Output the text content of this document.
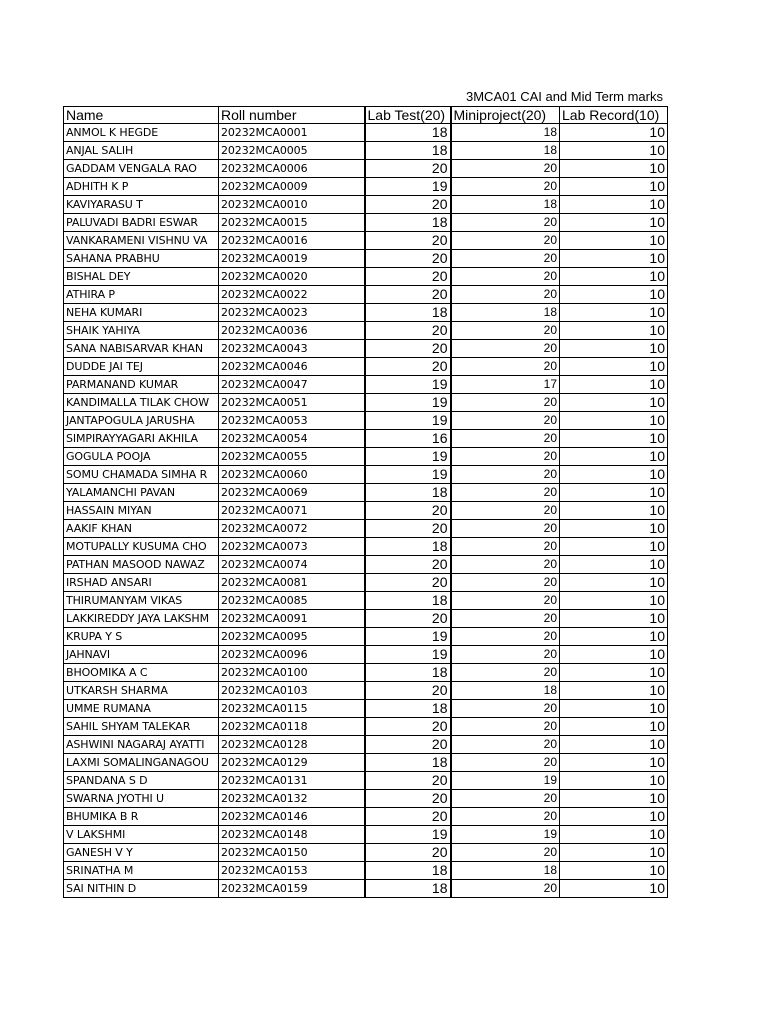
3MCA01 CAI and Mid Term marks
Name	Roll number	Lab Test(20)	Miniproject(20)	Lab Record(10)
ANMOL K HEGDE	20232MCA0001	18	18	10
ANJAL SALIH	20232MCA0005	18	18	10
GADDAM VENGALA RAO	20232MCA0006	20	20	10
ADHITH K P	20232MCA0009	19	20	10
KAVIYARASU T	20232MCA0010	20	18	10
PALUVADI BADRI ESWAR	20232MCA0015	18	20	10
VANKARAMENI VISHNU VA	20232MCA0016	20	20	10
SAHANA PRABHU	20232MCA0019	20	20	10
BISHAL DEY	20232MCA0020	20	20	10
ATHIRA P	20232MCA0022	20	20	10
NEHA KUMARI	20232MCA0023	18	18	10
SHAIK YAHIYA	20232MCA0036	20	20	10
SANA NABISARVAR KHAN	20232MCA0043	20	20	10
DUDDE JAI TEJ	20232MCA0046	20	20	10
PARMANAND KUMAR	20232MCA0047	19	17	10
KANDIMALLA TILAK CHOW	20232MCA0051	19	20	10
JANTAPOGULA JARUSHA	20232MCA0053	19	20	10
SIMPIRAYYAGARI AKHILA	20232MCA0054	16	20	10
GOGULA POOJA	20232MCA0055	19	20	10
SOMU CHAMADA SIMHA R	20232MCA0060	19	20	10
YALAMANCHI PAVAN	20232MCA0069	18	20	10
HASSAIN MIYAN	20232MCA0071	20	20	10
AAKIF KHAN	20232MCA0072	20	20	10
MOTUPALLY KUSUMA CHO	20232MCA0073	18	20	10
PATHAN MASOOD NAWAZ	20232MCA0074	20	20	10
IRSHAD ANSARI	20232MCA0081	20	20	10
THIRUMANYAM VIKAS	20232MCA0085	18	20	10
LAKKIREDDY JAYA LAKSHM	20232MCA0091	20	20	10
KRUPA Y S	20232MCA0095	19	20	10
JAHNAVI	20232MCA0096	19	20	10
BHOOMIKA A C	20232MCA0100	18	20	10
UTKARSH SHARMA	20232MCA0103	20	18	10
UMME RUMANA	20232MCA0115	18	20	10
SAHIL SHYAM TALEKAR	20232MCA0118	20	20	10
ASHWINI NAGARAJ AYATTI	20232MCA0128	20	20	10
LAXMI SOMALINGANAGOU	20232MCA0129	18	20	10
SPANDANA S D	20232MCA0131	20	19	10
SWARNA JYOTHI U	20232MCA0132	20	20	10
BHUMIKA B R	20232MCA0146	20	20	10
V LAKSHMI	20232MCA0148	19	19	10
GANESH V Y	20232MCA0150	20	20	10
SRINATHA M	20232MCA0153	18	18	10
SAI NITHIN D	20232MCA0159	18	20	10
